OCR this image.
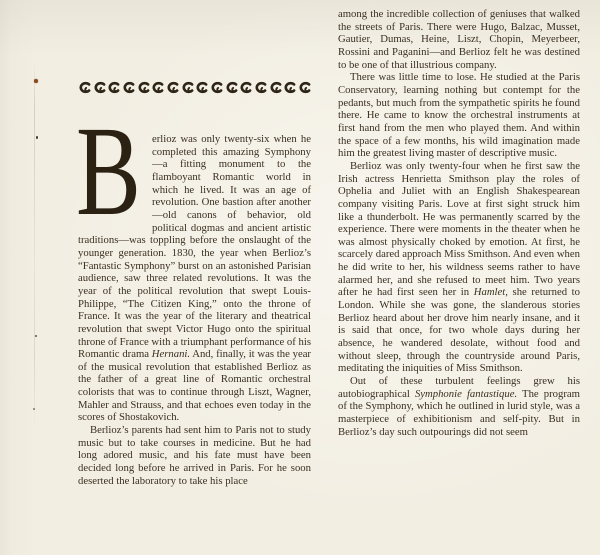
B erlioz was only twenty-six when he completed this amazing Symphony—a fitting monument to the flamboyant Romantic world in which he lived. It was an age of revolution. One bastion after another—old canons of behavior, old political dogmas and ancient artistic traditions—was toppling before the onslaught of the younger generation. 1830, the year when Berlioz’s “Fantastic Symphony” burst on an astonished Parisian audience, saw three related revolutions. It was the year of the political revolution that swept Louis-Philippe, “The Citizen King,” onto the throne of France. It was the year of the literary and theatrical revolution that swept Victor Hugo onto the spiritual throne of France with a triumphant performance of his Romantic drama Hernani. And, finally, it was the year of the musical revolution that established Berlioz as the father of a great line of Romantic orchestral colorists that was to continue through Liszt, Wagner, Mahler and Strauss, and that echoes even today in the scores of Shostakovich.

Berlioz’s parents had sent him to Paris not to study music but to take courses in medicine. But he had long adored music, and his fate must have been decided long before he arrived in Paris. For he soon deserted the laboratory to take his place

among the incredible collection of geniuses that walked the streets of Paris. There were Hugo, Balzac, Musset, Gautier, Dumas, Heine, Liszt, Chopin, Meyerbeer, Rossini and Paganini—and Berlioz felt he was destined to be one of that illustrious company.

There was little time to lose. He studied at the Paris Conservatory, learning nothing but contempt for the pedants, but much from the sympathetic spirits he found there. He came to know the orchestral instruments at first hand from the men who played them. And within the space of a few months, his wild imagination made him the greatest living master of descriptive music.

Berlioz was only twenty-four when he first saw the Irish actress Henrietta Smithson play the roles of Ophelia and Juliet with an English Shakespearean company visiting Paris. Love at first sight struck him like a thunderbolt. He was permanently scarred by the experience. There were moments in the theater when he was almost physically choked by emotion. At first, he scarcely dared approach Miss Smithson. And even when he did write to her, his wildness seems rather to have alarmed her, and she refused to meet him. Two years after he had first seen her in Hamlet, she returned to London. While she was gone, the slanderous stories Berlioz heard about her drove him nearly insane, and it is said that once, for two whole days during her absence, he wandered desolate, without food and without sleep, through the countryside around Paris, meditating the iniquities of Miss Smithson.

Out of these turbulent feelings grew his autobiographical Symphonie fantastique. The program of the Symphony, which he outlined in lurid style, was a masterpiece of exhibitionism and self-pity. But in Berlioz’s day such outpourings did not seem
